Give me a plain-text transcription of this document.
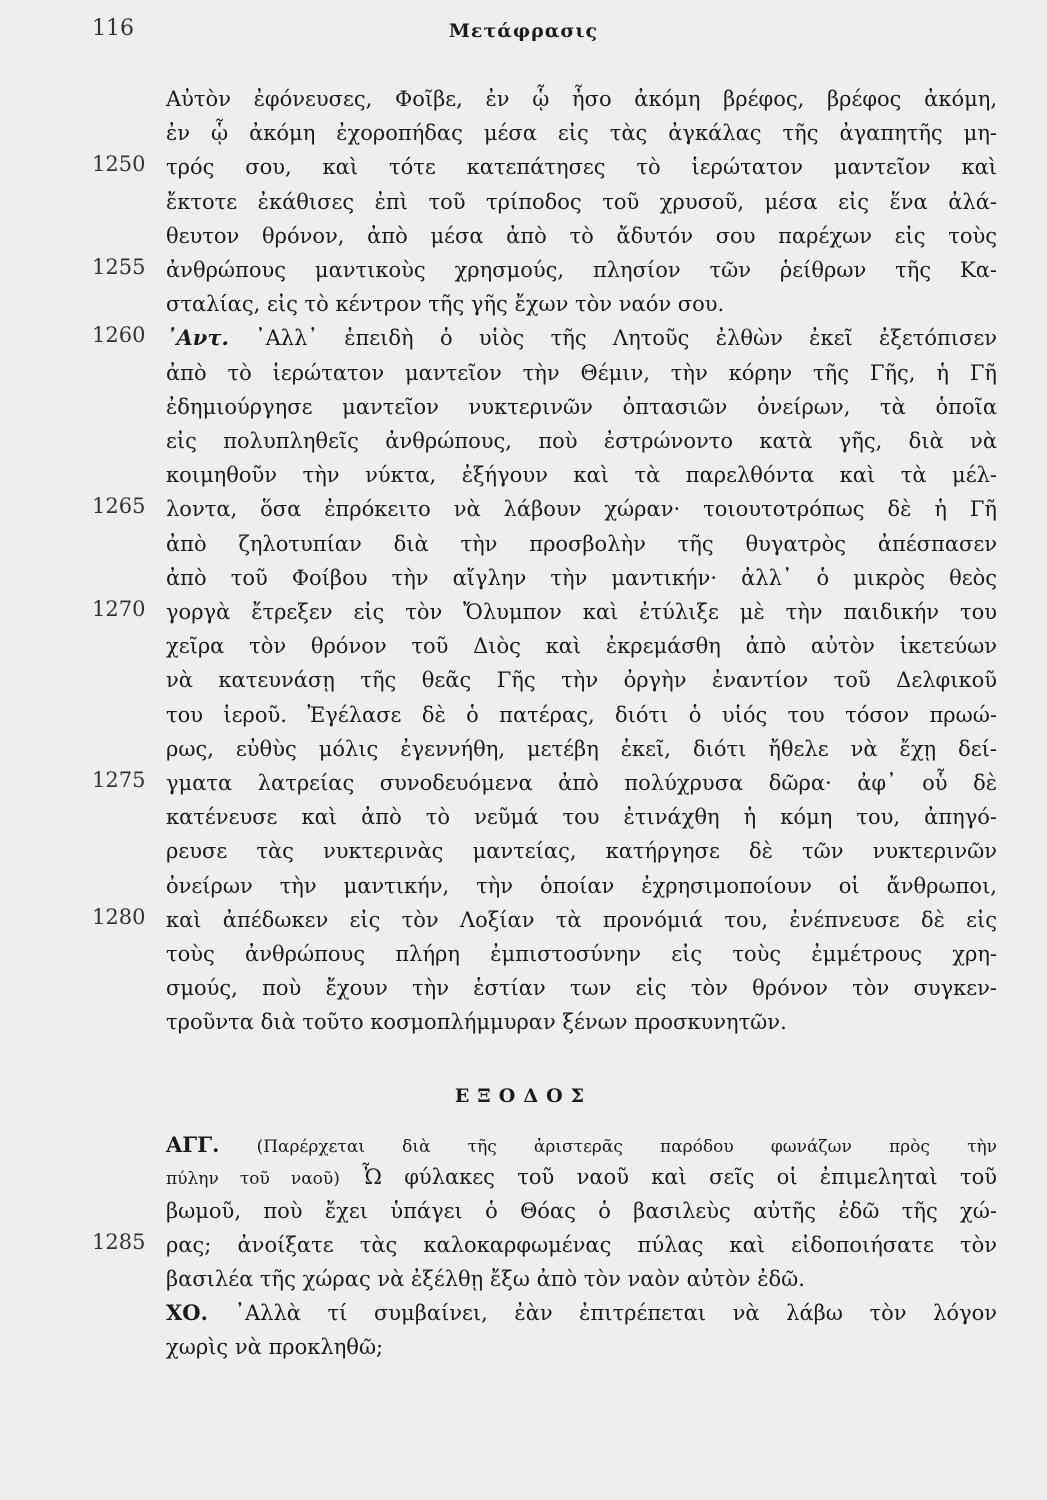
116	Μετάφρασις
Αὐτὸν ἐφόνευσες, Φοῖβε, ἐν ᾧ ἦσο ἀκόμη βρέφος, βρέφος ἀκόμη,
ἐν ᾧ ἀκόμη ἐχοροπήδας μέσα εἰς τὰς ἀγκάλας τῆς ἀγαπητῆς μη-
1250 τρός σου, καὶ τότε κατεπάτησες τὸ ἱερώτατον μαντεῖον καὶ
ἔκτοτε ἐκάθισες ἐπὶ τοῦ τρίποδος τοῦ χρυσοῦ, μέσα εἰς ἕνα ἀλά-
θευτον θρόνον, ἀπὸ μέσα ἀπὸ τὸ ἄδυτόν σου παρέχων εἰς τοὺς
1255 ἀνθρώπους μαντικοὺς χρησμούς, πλησίον τῶν ῥείθρων τῆς Κα-
σταλίας, εἰς τὸ κέντρον τῆς γῆς ἔχων τὸν ναόν σου.
1260 ᾿Αντ. ᾿Αλλ᾿ ἐπειδὴ ὁ υἱὸς τῆς Λητοῦς ἐλθὼν ἐκεῖ ἐξετόπισεν
ἀπὸ τὸ ἱερώτατον μαντεῖον τὴν Θέμιν, τὴν κόρην τῆς Γῆς, ἡ Γῆ
ἐδημιούργησε μαντεῖον νυκτερινῶν ὀπτασιῶν ὀνείρων, τὰ ὁποῖα
εἰς πολυπληθεῖς ἀνθρώπους, ποὺ ἐστρώνοντο κατὰ γῆς, διὰ νὰ
κοιμηθοῦν τὴν νύκτα, ἐξήγουν καὶ τὰ παρελθόντα καὶ τὰ μέλ-
1265 λοντα, ὅσα ἐπρόκειτο νὰ λάβουν χώραν· τοιουτοτρόπως δὲ ἡ Γῆ
ἀπὸ ζηλοτυπίαν διὰ τὴν προσβολὴν τῆς θυγατρὸς ἀπέσπασεν
ἀπὸ τοῦ Φοίβου τὴν αἴγλην τὴν μαντικήν· ἀλλ᾿ ὁ μικρὸς θεὸς
1270 γοργὰ ἔτρεξεν εἰς τὸν Ὄλυμπον καὶ ἐτύλιξε μὲ τὴν παιδικήν του
χεῖρα τὸν θρόνον τοῦ Διὸς καὶ ἐκρεμάσθη ἀπὸ αὐτὸν ἱκετεύων
νὰ κατευνάσῃ τῆς θεᾶς Γῆς τὴν ὀργὴν ἐναντίον τοῦ Δελφικοῦ
του ἱεροῦ. Ἐγέλασε δὲ ὁ πατέρας, διότι ὁ υἱός του τόσον πρωώ-
ρως, εὐθὺς μόλις ἐγεννήθη, μετέβη ἐκεῖ, διότι ἤθελε νὰ ἔχῃ δεί-
1275 γματα λατρείας συνοδευόμενα ἀπὸ πολύχρυσα δῶρα· ἀφ᾿ οὗ δὲ
κατένευσε καὶ ἀπὸ τὸ νεῦμά του ἐτινάχθη ἡ κόμη του, ἀπηγό-
ρευσε τὰς νυκτερινὰς μαντείας, κατήργησε δὲ τῶν νυκτερινῶν
ὀνείρων τὴν μαντικήν, τὴν ὁποίαν ἐχρησιμοποίουν οἱ ἄνθρωποι,
1280 καὶ ἀπέδωκεν εἰς τὸν Λοξίαν τὰ προνόμιά του, ἐνέπνευσε δὲ εἰς
τοὺς ἀνθρώπους πλήρη ἐμπιστοσύνην εἰς τοὺς ἐμμέτρους χρη-
σμούς, ποὺ ἔχουν τὴν ἑστίαν των εἰς τὸν θρόνον τὸν συγκεν-
τροῦντα διὰ τοῦτο κοσμοπλήμμυραν ξένων προσκυνητῶν.
ΑΓΓ. (Παρέρχεται διὰ τῆς ἀριστερᾶς παρόδου φωνάζων πρὸς τὴν
πύλην τοῦ ναοῦ) Ὦ φύλακες τοῦ ναοῦ καὶ σεῖς οἱ ἐπιμεληταὶ τοῦ
βωμοῦ, ποὺ ἔχει ὑπάγει ὁ Θόας ὁ βασιλεὺς αὐτῆς ἐδῶ τῆς χώ-
1285 ρας; ἀνοίξατε τὰς καλοκαρφωμένας πύλας καὶ εἰδοποιήσατε τὸν
βασιλέα τῆς χώρας νὰ ἐξέλθῃ ἔξω ἀπὸ τὸν ναὸν αὐτὸν ἐδῶ.
ΧΟ. ᾿Αλλὰ τί συμβαίνει, ἐὰν ἐπιτρέπεται νὰ λάβω τὸν λόγον
χωρὶς νὰ προκληθῶ;
ΕΞΟΔΟΣ
